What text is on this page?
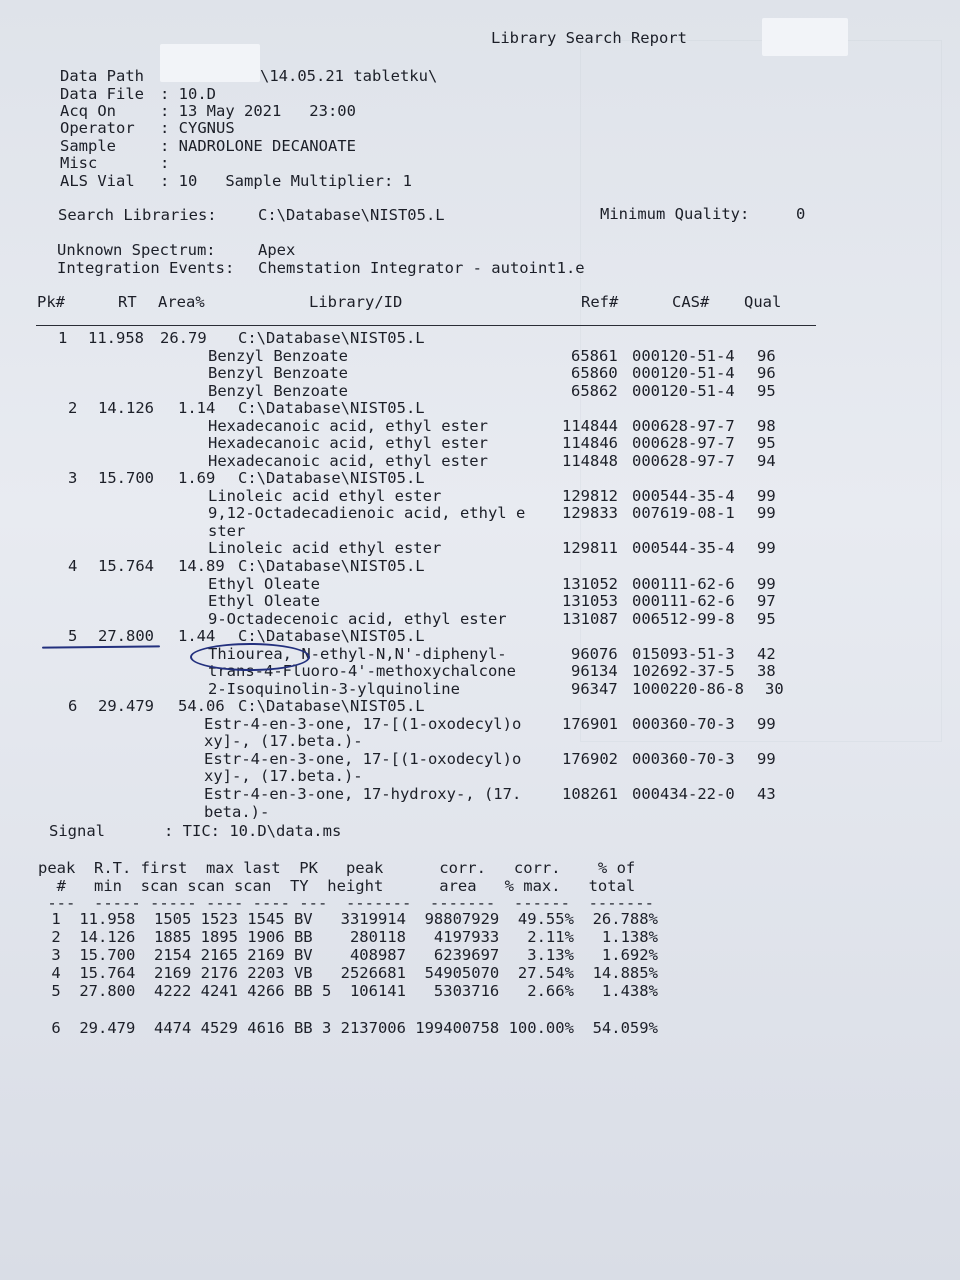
Library Search Report
Data Path	\14.05.21 tabletku\
Data File : 10.D
Acq On	: 13 May 2021   23:00
Operator : CYGNUS
Sample	: NADROLONE DECANOATE
Misc	:
ALS Vial : 10   Sample Multiplier: 1
Search Libraries:	C:\Database\NIST05.L	Minimum Quality:	0
Unknown Spectrum:	Apex
Integration Events: Chemstation Integrator - autoint1.e
Pk#	RT Area%	Library/ID	Ref#	CAS# Qual
1 11.958 26.79 C:\Database\NIST05.L
Benzyl Benzoate	65861 000120-51-4 96
Benzyl Benzoate	65860 000120-51-4 96
Benzyl Benzoate	65862 000120-51-4 95
2 14.126 1.14 C:\Database\NIST05.L
Hexadecanoic acid, ethyl ester	114844 000628-97-7 98
Hexadecanoic acid, ethyl ester	114846 000628-97-7 95
Hexadecanoic acid, ethyl ester	114848 000628-97-7 94
3 15.700 1.69 C:\Database\NIST05.L
Linoleic acid ethyl ester	129812 000544-35-4 99
9,12-Octadecadienoic acid, ethyl e 129833 007619-08-1 99
ster
Linoleic acid ethyl ester	129811 000544-35-4 99
4 15.764 14.89 C:\Database\NIST05.L
Ethyl Oleate	131052 000111-62-6 99
Ethyl Oleate	131053 000111-62-6 97
9-Octadecenoic acid, ethyl ester	131087 006512-99-8 95
5 27.800 1.44 C:\Database\NIST05.L
Thiourea, N-ethyl-N,N'-diphenyl-	96076 015093-51-3 42
trans-4-Fluoro-4'-methoxychalcone	96134 102692-37-5 38
2-Isoquinolin-3-ylquinoline	96347 1000220-86-8 30
6 29.479 54.06 C:\Database\NIST05.L
Estr-4-en-3-one, 17-[(1-oxodecyl)o	176901 000360-70-3 99
xy]-, (17.beta.)-
Estr-4-en-3-one, 17-[(1-oxodecyl)o	176902 000360-70-3 99
xy]-, (17.beta.)-
Estr-4-en-3-one, 17-hydroxy-, (17.	108261 000434-22-0 43
beta.)-
Signal	: TIC: 10.D\data.ms
peak  R.T. first  max last  PK   peak      corr.   corr.    % of
#   min  scan scan scan  TY  height      area   % max.   total
---  ----- ----- ---- ---- ---  -------  -------  ------  -------
1  11.958  1505 1523 1545 BV   3319914  98807929  49.55%  26.788%
2  14.126  1885 1895 1906 BB    280118   4197933   2.11%   1.138%
3  15.700  2154 2165 2169 BV    408987   6239697   3.13%   1.692%
4  15.764  2169 2176 2203 VB   2526681  54905070  27.54%  14.885%
5  27.800  4222 4241 4266 BB 5  106141   5303716   2.66%   1.438%
6  29.479  4474 4529 4616 BB 3 2137006 199400758 100.00%  54.059%
